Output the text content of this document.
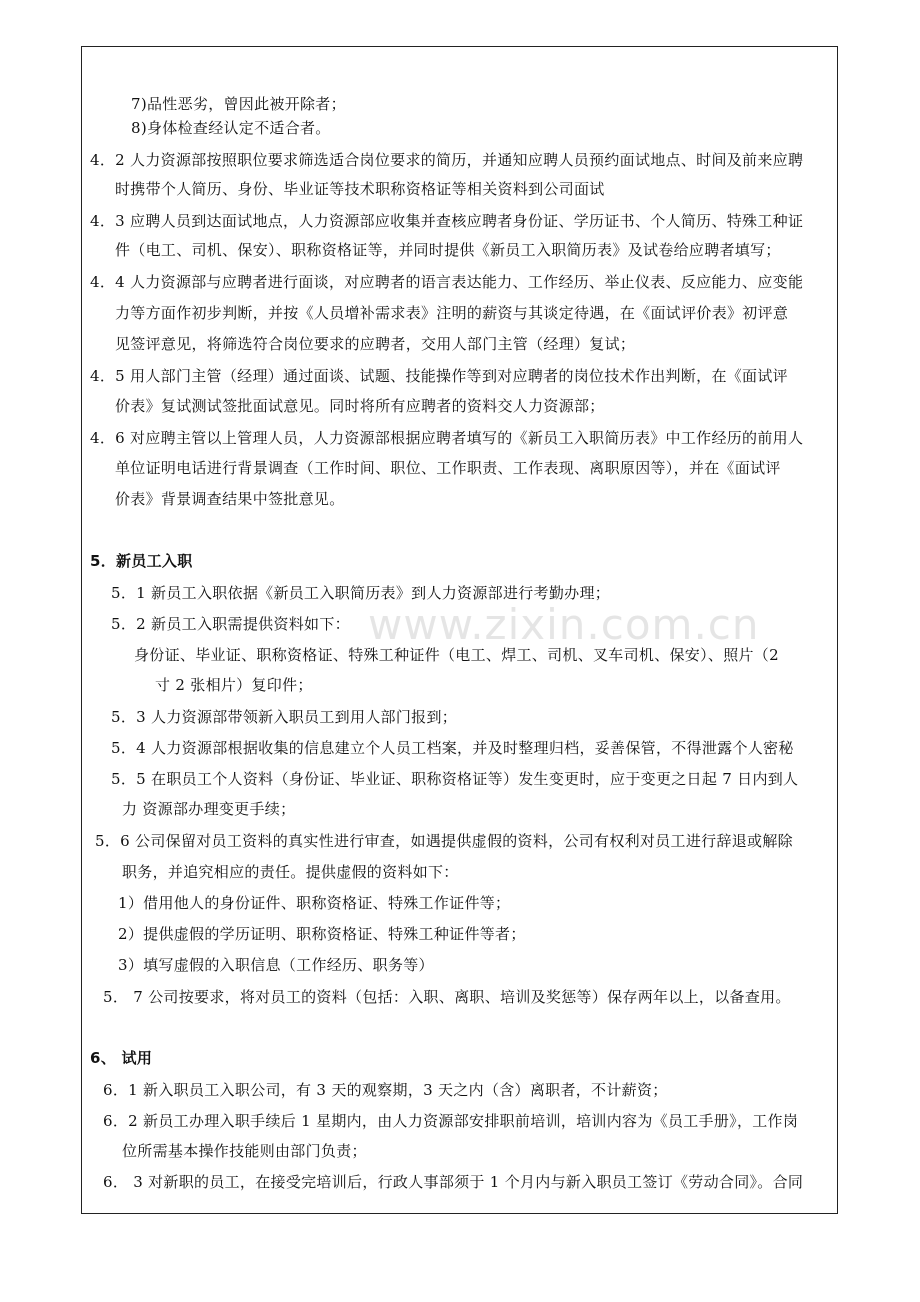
www.zixin.com.cn
7)品性恶劣，曾因此被开除者；
8)身体检查经认定不适合者。
4．2 人力资源部按照职位要求筛选适合岗位要求的简历，并通知应聘人员预约面试地点、时间及前来应聘
时携带个人简历、身份、毕业证等技术职称资格证等相关资料到公司面试
4．3 应聘人员到达面试地点，人力资源部应收集并查核应聘者身份证、学历证书、个人简历、特殊工种证
件（电工、司机、保安）、职称资格证等，并同时提供《新员工入职简历表》及试卷给应聘者填写；
4．4 人力资源部与应聘者进行面谈，对应聘者的语言表达能力、工作经历、举止仪表、反应能力、应变能
力等方面作初步判断，并按《人员增补需求表》注明的薪资与其谈定待遇，在《面试评价表》初评意
见签评意见，将筛选符合岗位要求的应聘者，交用人部门主管（经理）复试；
4．5 用人部门主管（经理）通过面谈、试题、技能操作等到对应聘者的岗位技术作出判断，在《面试评
价表》复试测试签批面试意见。同时将所有应聘者的资料交人力资源部；
4．6 对应聘主管以上管理人员，人力资源部根据应聘者填写的《新员工入职简历表》中工作经历的前用人
单位证明电话进行背景调查（工作时间、职位、工作职责、工作表现、离职原因等），并在《面试评
价表》背景调查结果中签批意见。
5．新员工入职
5．1 新员工入职依据《新员工入职简历表》到人力资源部进行考勤办理；
5．2 新员工入职需提供资料如下：
身份证、毕业证、职称资格证、特殊工种证件（电工、焊工、司机、叉车司机、保安）、照片（2
寸 2 张相片）复印件；
5．3 人力资源部带领新入职员工到用人部门报到；
5．4 人力资源部根据收集的信息建立个人员工档案，并及时整理归档，妥善保管，不得泄露个人密秘
5．5 在职员工个人资料（身份证、毕业证、职称资格证等）发生变更时，应于变更之日起 7 日内到人
力 资源部办理变更手续；
5．6 公司保留对员工资料的真实性进行审查，如遇提供虚假的资料，公司有权利对员工进行辞退或解除
职务，并追究相应的责任。提供虚假的资料如下：
1）借用他人的身份证件、职称资格证、特殊工作证件等；
2）提供虚假的学历证明、职称资格证、特殊工种证件等者；
3）填写虚假的入职信息（工作经历、职务等）
5． 7 公司按要求，将对员工的资料（包括：入职、离职、培训及奖惩等）保存两年以上，以备查用。
6、 试用
6．1 新入职员工入职公司，有 3 天的观察期，3 天之内（含）离职者，不计薪资；
6．2 新员工办理入职手续后 1 星期内，由人力资源部安排职前培训，培训内容为《员工手册》，工作岗
位所需基本操作技能则由部门负责；
6． 3 对新职的员工，在接受完培训后，行政人事部须于 1 个月内与新入职员工签订《劳动合同》。合同
